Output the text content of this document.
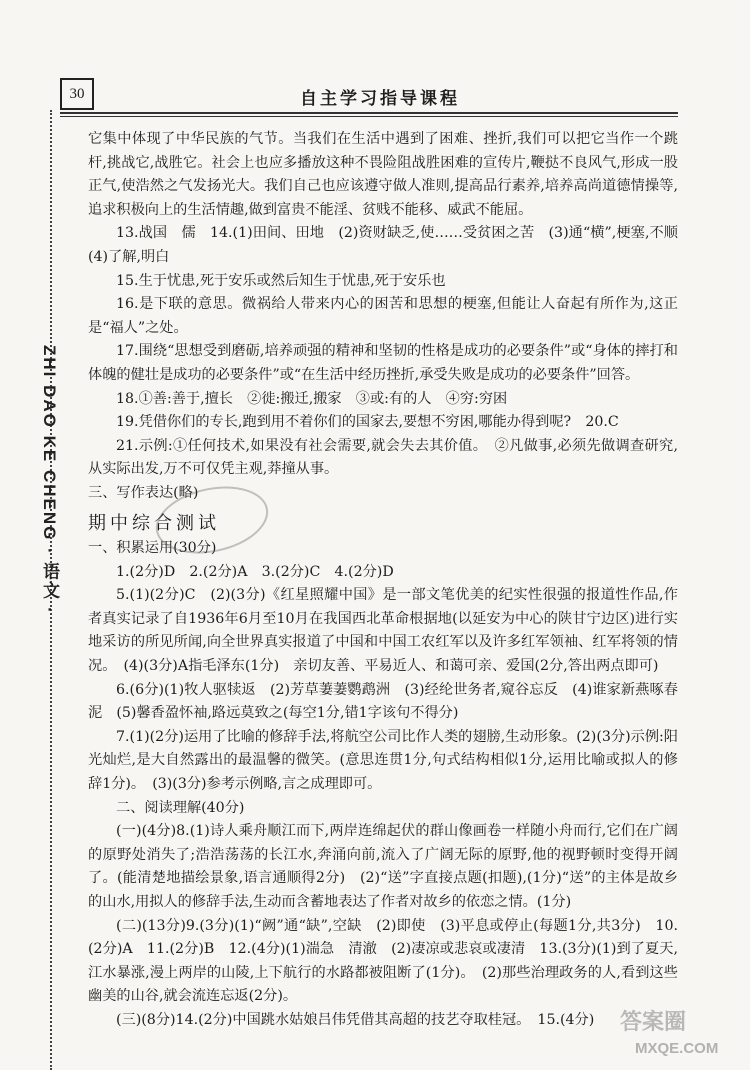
30	自主学习指导课程
ZHI DAO KE CHENG · 语文 ·

它集中体现了中华民族的气节。当我们在生活中遇到了困难、挫折,我们可以把它当作一个跳杆,挑战它,战胜它。社会上也应多播放这种不畏险阻战胜困难的宣传片,鞭挞不良风气,形成一股正气,使浩然之气发扬光大。我们自己也应该遵守做人准则,提高品行素养,培养高尚道德情操等,追求积极向上的生活情趣,做到富贵不能淫、贫贱不能移、威武不能屈。

13.战国　儒　14.(1)田间、田地　(2)资财缺乏,使……受贫困之苦　(3)通“横”,梗塞,不顺　(4)了解,明白

15.生于忧患,死于安乐或然后知生于忧患,死于安乐也

16.是下联的意思。微祸给人带来内心的困苦和思想的梗塞,但能让人奋起有所作为,这正是“福人”之处。

17.围绕“思想受到磨砺,培养顽强的精神和坚韧的性格是成功的必要条件”或“身体的摔打和体魄的健壮是成功的必要条件”或“在生活中经历挫折,承受失败是成功的必要条件”回答。

18.①善:善于,擅长　②徙:搬迁,搬家　③或:有的人　④穷:穷困

19.凭借你们的专长,跑到用不着你们的国家去,要想不穷困,哪能办得到呢?　20.C

21.示例:①任何技术,如果没有社会需要,就会失去其价值。　②凡做事,必须先做调查研究,从实际出发,万不可仅凭主观,莽撞从事。

三、写作表达(略)

期中综合测试

一、积累运用(30分)

1.(2分)D　2.(2分)A　3.(2分)C　4.(2分)D

5.(1)(2分)C　(2)(3分)《红星照耀中国》是一部文笔优美的纪实性很强的报道性作品,作者真实记录了自1936年6月至10月在我国西北革命根据地(以延安为中心的陕甘宁边区)进行实地采访的所见所闻,向全世界真实报道了中国和中国工农红军以及许多红军领袖、红军将领的情况。　(4)(3分)A指毛泽东(1分)　亲切友善、平易近人、和蔼可亲、爱国(2分,答出两点即可)

6.(6分)(1)牧人驱犊返　(2)芳草萋萋鹦鹉洲　(3)经纶世务者,窥谷忘反　(4)谁家新燕啄春泥　(5)馨香盈怀袖,路远莫致之(每空1分,错1字该句不得分)

7.(1)(2分)运用了比喻的修辞手法,将航空公司比作人类的翅膀,生动形象。(2)(3分)示例:阳光灿烂,是大自然露出的最温馨的微笑。(意思连贯1分,句式结构相似1分,运用比喻或拟人的修辞1分)。　(3)(3分)参考示例略,言之成理即可。

二、阅读理解(40分)

(一)(4分)8.(1)诗人乘舟顺江而下,两岸连绵起伏的群山像画卷一样随小舟而行,它们在广阔的原野处消失了;浩浩荡荡的长江水,奔涌向前,流入了广阔无际的原野,他的视野顿时变得开阔了。(能清楚地描绘景象,语言通顺得2分)　(2)“送”字直接点题(扣题),(1分)“送”的主体是故乡的山水,用拟人的修辞手法,生动而含蓄地表达了作者对故乡的依恋之情。(1分)

(二)(13分)9.(3分)(1)“阙”通“缺”,空缺　(2)即使　(3)平息或停止(每题1分,共3分)　10.(2分)A　11.(2分)B　12.(4分)(1)湍急　清澈　(2)凄凉或悲哀或凄清　13.(3分)(1)到了夏天,江水暴涨,漫上两岸的山陵,上下航行的水路都被阻断了(1分)。　(2)那些治理政务的人,看到这些幽美的山谷,就会流连忘返(2分)。

(三)(8分)14.(2分)中国跳水姑娘吕伟凭借其高超的技艺夺取桂冠。　15.(4分)	答案圈
MXQE.COM
